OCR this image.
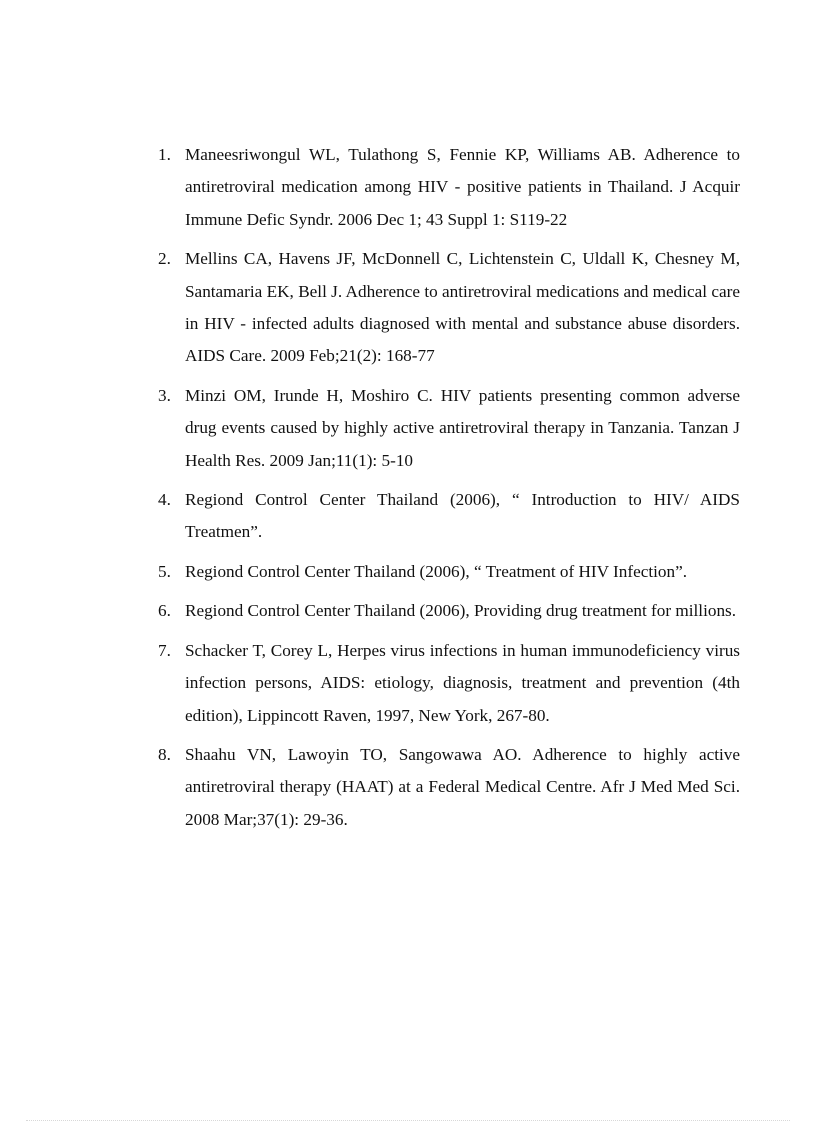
1. Maneesriwongul WL, Tulathong S, Fennie KP, Williams AB. Adherence to antiretroviral medication among HIV - positive patients in Thailand. J Acquir Immune Defic Syndr. 2006 Dec 1; 43 Suppl 1: S119-22
2. Mellins CA, Havens JF, McDonnell C, Lichtenstein C, Uldall K, Chesney M, Santamaria EK, Bell J. Adherence to antiretroviral medications and medical care in HIV - infected adults diagnosed with mental and substance abuse disorders. AIDS Care. 2009 Feb;21(2): 168-77
3. Minzi OM, Irunde H, Moshiro C. HIV patients presenting common adverse drug events caused by highly active antiretroviral therapy in Tanzania. Tanzan J Health Res. 2009 Jan;11(1): 5-10
4. Regiond Control Center Thailand (2006), “ Introduction to HIV/ AIDS Treatmen”.
5. Regiond Control Center Thailand (2006), “ Treatment of HIV Infection”.
6. Regiond Control Center Thailand (2006), Providing drug treatment for millions.
7. Schacker T, Corey L, Herpes virus infections in human immunodeficiency virus infection persons, AIDS: etiology, diagnosis, treatment and prevention (4th edition), Lippincott Raven, 1997, New York, 267-80.
8. Shaahu VN, Lawoyin TO, Sangowawa AO. Adherence to highly active antiretroviral therapy (HAAT) at a Federal Medical Centre. Afr J Med Med Sci. 2008 Mar;37(1): 29-36.
